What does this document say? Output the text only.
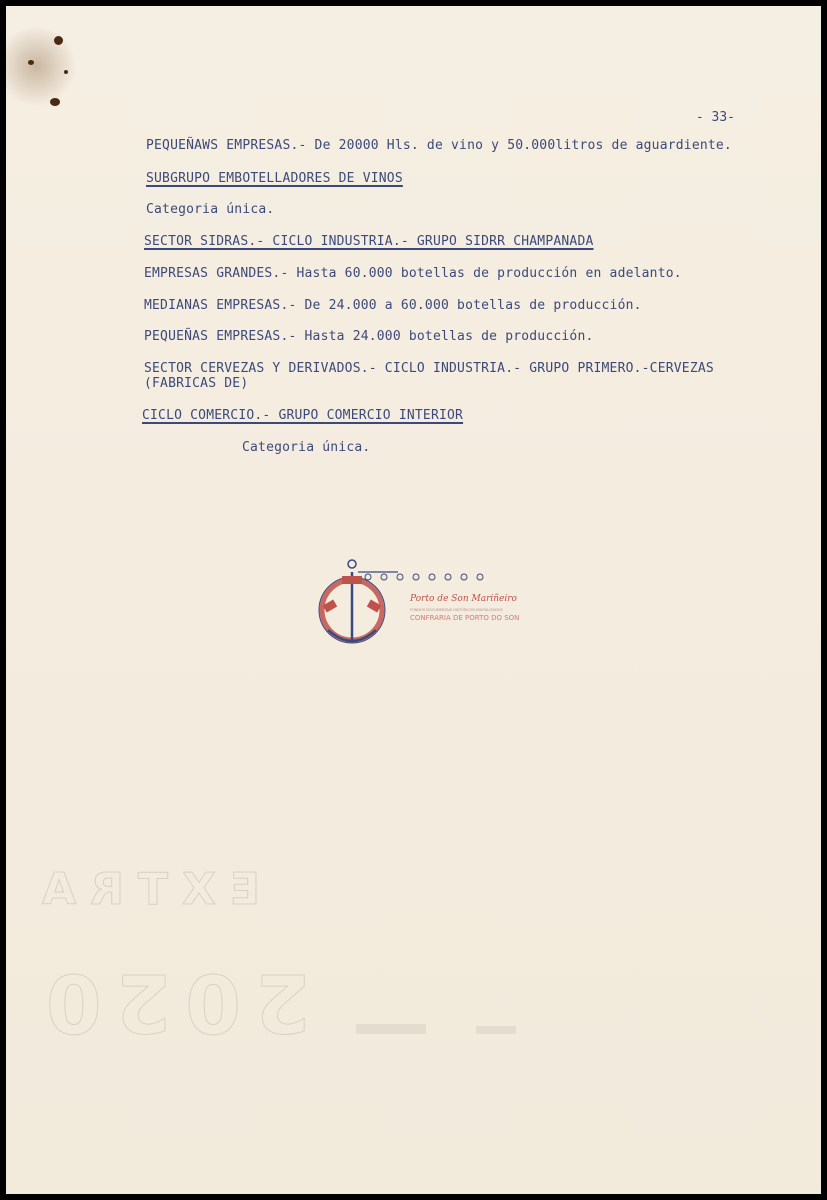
EXTRA
2020
- 33-
PEQUEÑAWS EMPRESAS.- De 20000 Hls. de vino y 50.000litros de aguardiente.
SUBGRUPO EMBOTELLADORES DE VINOS
Categoria única.
SECTOR SIDRAS.- CICLO INDUSTRIA.- GRUPO SIDRR CHAMPANADA
EMPRESAS GRANDES.- Hasta 60.000 botellas de producción en adelanto.
MEDIANAS EMPRESAS.- De 24.000 a 60.000 botellas de producción.
PEQUEÑAS EMPRESAS.- Hasta 24.000 botellas de producción.
SECTOR CERVEZAS Y DERIVADOS.- CICLO INDUSTRIA.- GRUPO PRIMERO.-CERVEZAS
(FABRICAS DE)
CICLO COMERCIO.- GRUPO COMERCIO INTERIOR
Categoria única.
Porto de Son Mariñeiro
FONDOS DOCUMENTAIS HISTÓRICOS DIXITALIZADOS
CONFRARIA DE PORTO DO SON
